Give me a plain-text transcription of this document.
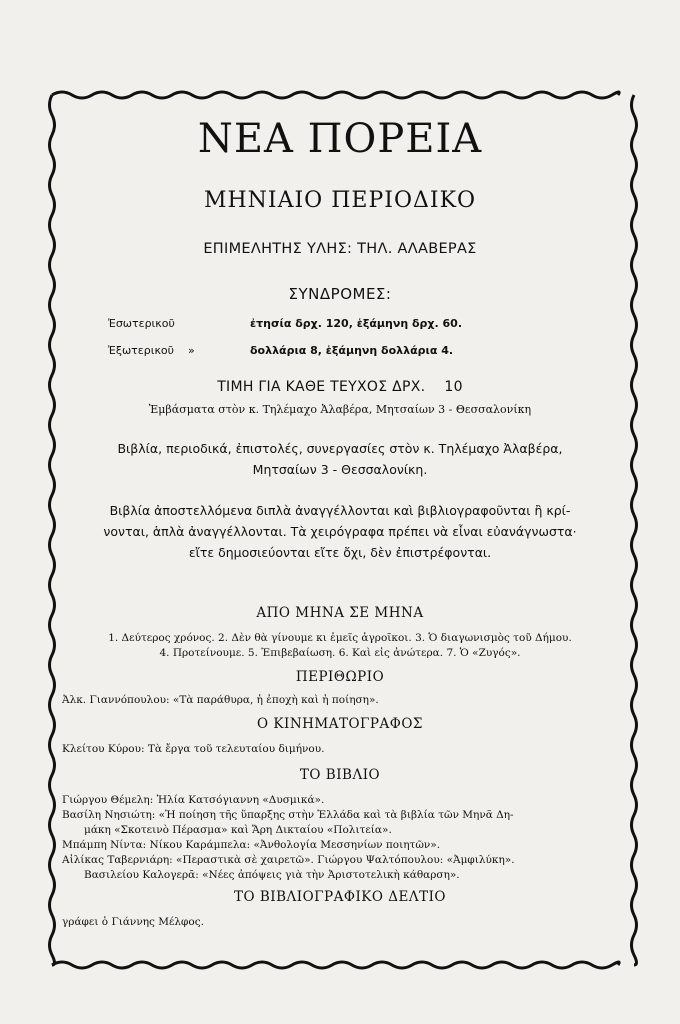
ΝΕΑ ΠΟΡΕΙΑ
ΜΗΝΙΑΙΟ ΠΕΡΙΟΔΙΚΟ
ΕΠΙΜΕΛΗΤΗΣ ΥΛΗΣ: ΤΗΛ. ΑΛΑΒΕΡΑΣ
ΣΥΝΔΡΟΜΕΣ:
Ἐσωτερικοῦ	ἐτησία δρχ. 120, ἑξάμηνη δρχ. 60.
Ἐξωτερικοῦ »	δολλάρια 8, ἑξάμηνη δολλάρια 4.
ΤΙΜΗ ΓΙΑ ΚΑΘΕ ΤΕΥΧΟΣ ΔΡΧ. 10
Ἐμβάσματα στὸν κ. Τηλέμαχο Ἀλαβέρα, Μητσαίων 3 - Θεσσαλονίκη
Βιβλία, περιοδικά, ἐπιστολές, συνεργασίες στὸν κ. Τηλέμαχο Ἀλαβέρα,
Μητσαίων 3 - Θεσσαλονίκη.
Βιβλία ἀποστελλόμενα διπλὰ ἀναγγέλλονται καὶ βιβλιογραφοῦνται ἢ κρί-
νονται, ἁπλὰ ἀναγγέλλονται. Τὰ χειρόγραφα πρέπει νὰ εἶναι εὐανάγνωστα·
εἴτε δημοσιεύονται εἴτε ὄχι, δὲν ἐπιστρέφονται.
ΑΠΟ ΜΗΝΑ ΣΕ ΜΗΝΑ
1. Δεύτερος χρόνος. 2. Δὲν θὰ γίνουμε κι ἐμεῖς ἀγροῖκοι. 3. Ὁ διαγωνισμὸς τοῦ Δήμου.
4. Προτείνουμε. 5. Ἐπιβεβαίωση. 6. Καὶ εἰς ἀνώτερα. 7. Ὁ «Ζυγός».
ΠΕΡΙΘΩΡΙΟ
Ἀλκ. Γιαννόπουλου: «Τὰ παράθυρα, ἡ ἐποχὴ καὶ ἡ ποίηση».
Ο ΚΙΝΗΜΑΤΟΓΡΑΦΟΣ
Κλείτου Κύρου: Τὰ ἔργα τοῦ τελευταίου διμήνου.
ΤΟ ΒΙΒΛΙΟ
Γιώργου Θέμελη: Ἠλία Κατσόγιαννη «Δυσμικά».
Βασίλη Νησιώτη: «Ἡ ποίηση τῆς ὕπαρξης στὴν Ἑλλάδα καὶ τὰ βιβλία τῶν Μηνᾶ Δη-
μάκη «Σκοτεινὸ Πέρασμα» καὶ Ἄρη Δικταίου «Πολιτεία».
Μπάμπη Νίντα: Νίκου Καράμπελα: «Ἀνθολογία Μεσσηνίων ποιητῶν».
Αἰλίκας Ταβερνιάρη: «Περαστικὰ σὲ χαιρετῶ». Γιώργου Ψαλτόπουλου: «Ἀμφιλύκη».
Βασιλείου Καλογερᾶ: «Νέες ἀπόψεις γιὰ τὴν Ἀριστοτελικὴ κάθαρση».
ΤΟ ΒΙΒΛΙΟΓΡΑΦΙΚΟ ΔΕΛΤΙΟ
γράφει ὁ Γιάννης Μέλφος.
